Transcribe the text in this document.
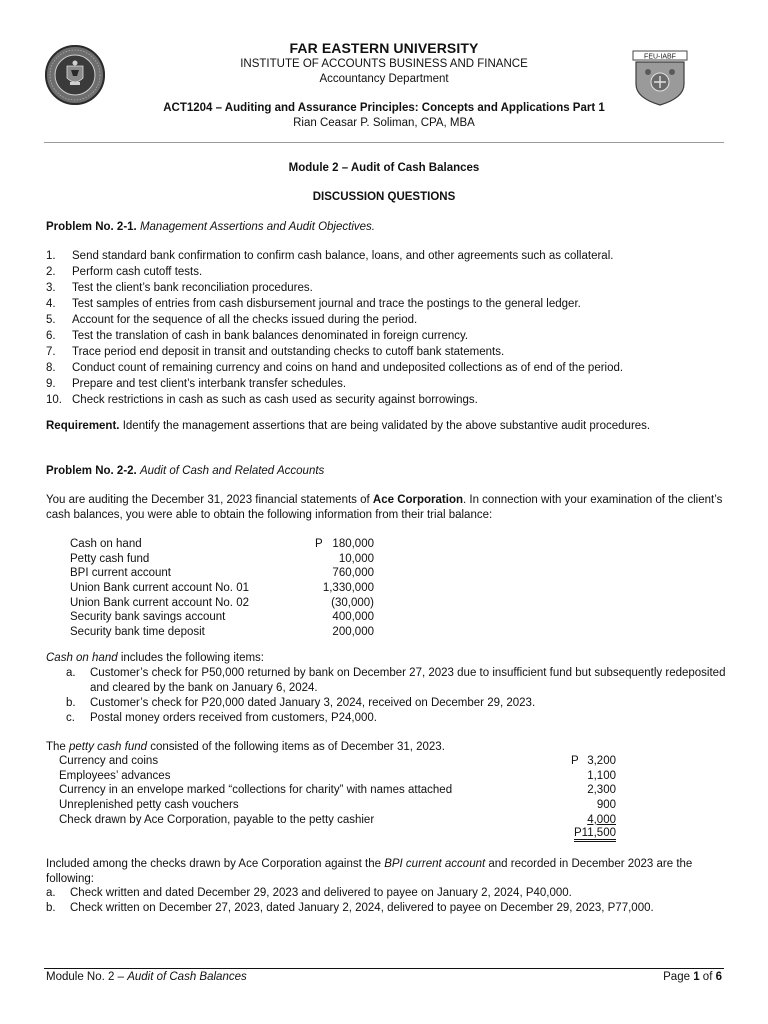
FEU-IABF
FAR EASTERN UNIVERSITY
INSTITUTE OF ACCOUNTS BUSINESS AND FINANCE
Accountancy Department
ACT1204 – Auditing and Assurance Principles: Concepts and Applications Part 1
Rian Ceasar P. Soliman, CPA, MBA
Module 2 – Audit of Cash Balances
DISCUSSION QUESTIONS
Problem No. 2-1. Management Assertions and Audit Objectives.
1.	Send standard bank confirmation to confirm cash balance, loans, and other agreements such as collateral.
2.	Perform cash cutoff tests.
3.	Test the client’s bank reconciliation procedures.
4.	Test samples of entries from cash disbursement journal and trace the postings to the general ledger.
5.	Account for the sequence of all the checks issued during the period.
6.	Test the translation of cash in bank balances denominated in foreign currency.
7.	Trace period end deposit in transit and outstanding checks to cutoff bank statements.
8.	Conduct count of remaining currency and coins on hand and undeposited collections as of end of the period.
9.	Prepare and test client’s interbank transfer schedules.
10. Check restrictions in cash as such as cash used as security against borrowings.
Requirement. Identify the management assertions that are being validated by the above substantive audit procedures.
Problem No. 2-2. Audit of Cash and Related Accounts
You are auditing the December 31, 2023 financial statements of Ace Corporation. In connection with your examination of the client’s cash balances, you were able to obtain the following information from their trial balance:
Cash on hand	P 180,000
Petty cash fund	10,000
BPI current account	760,000
Union Bank current account No. 01	1,330,000
Union Bank current account No. 02	(30,000)
Security bank savings account	400,000
Security bank time deposit	200,000
Cash on hand includes the following items:
a. Customer’s check for P50,000 returned by bank on December 27, 2023 due to insufficient fund but subsequently redeposited and cleared by the bank on January 6, 2024.
b. Customer’s check for P20,000 dated January 3, 2024, received on December 29, 2023.
c. Postal money orders received from customers, P24,000.
The petty cash fund consisted of the following items as of December 31, 2023.
Currency and coins	P 3,200
Employees’ advances	1,100
Currency in an envelope marked “collections for charity” with names attached	2,300
Unreplenished petty cash vouchers	900
Check drawn by Ace Corporation, payable to the petty cashier	4,000
P11,500
Included among the checks drawn by Ace Corporation against the BPI current account and recorded in December 2023 are the following:
a. Check written and dated December 29, 2023 and delivered to payee on January 2, 2024, P40,000.
b. Check written on December 27, 2023, dated January 2, 2024, delivered to payee on December 29, 2023, P77,000.
Module No. 2 – Audit of Cash Balances	Page 1 of 6
